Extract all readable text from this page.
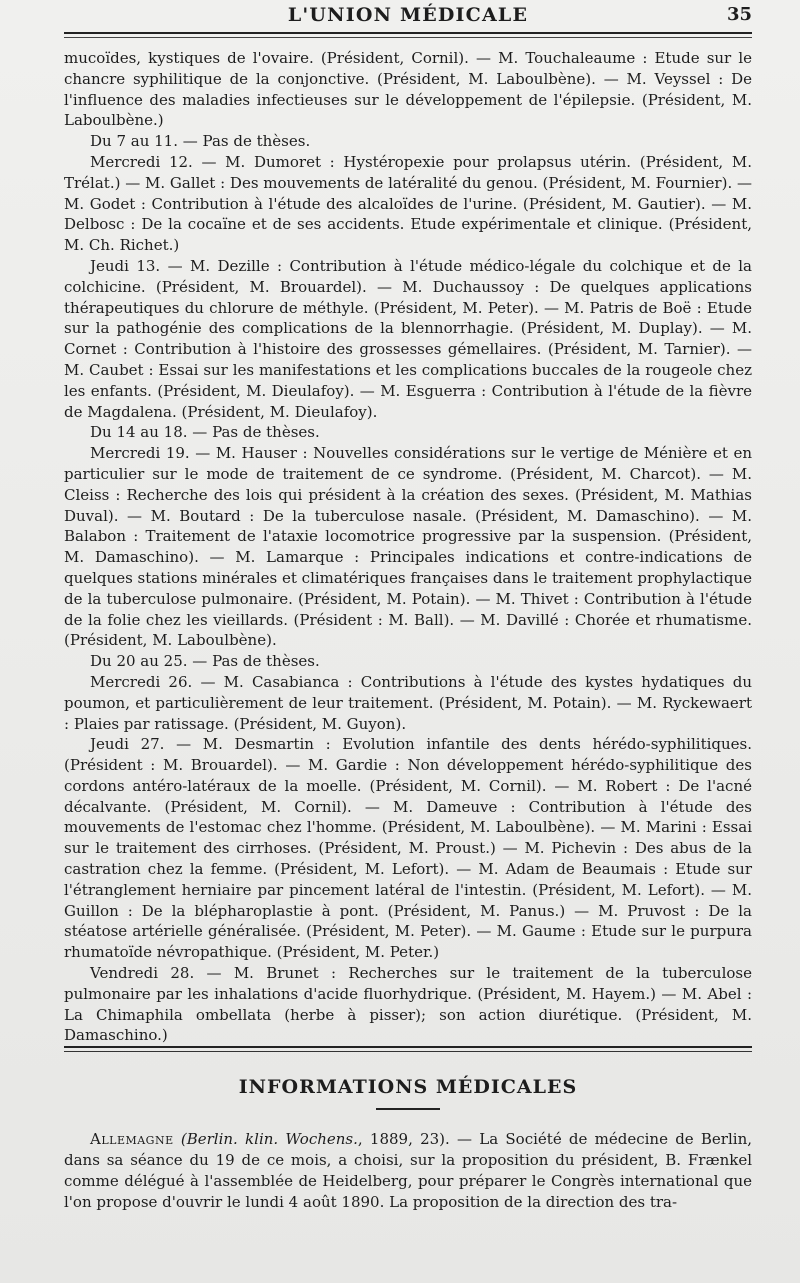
L'UNION MÉDICALE	35

mucoïdes, kystiques de l'ovaire. (Président, Cornil). — M. Touchaleaume : Etude sur le chancre syphilitique de la conjonctive. (Président, M. Laboulbène). — M. Veyssel : De l'influence des maladies infectieuses sur le développement de l'épilepsie. (Président, M. Laboulbène.)

Du 7 au 11. — Pas de thèses.

Mercredi 12. — M. Dumoret : Hystéropexie pour prolapsus utérin. (Président, M. Trélat.) — M. Gallet : Des mouvements de latéralité du genou. (Président, M. Fournier). — M. Godet : Contribution à l'étude des alcaloïdes de l'urine. (Président, M. Gautier). — M. Delbosc : De la cocaïne et de ses accidents. Etude expérimentale et clinique. (Président, M. Ch. Richet.)

Jeudi 13. — M. Dezille : Contribution à l'étude médico-légale du colchique et de la colchicine. (Président, M. Brouardel). — M. Duchaussoy : De quelques applications thérapeutiques du chlorure de méthyle. (Président, M. Peter). — M. Patris de Boë : Etude sur la pathogénie des complications de la blennorrhagie. (Président, M. Duplay). — M. Cornet : Contribution à l'histoire des grossesses gémellaires. (Président, M. Tarnier). — M. Caubet : Essai sur les manifestations et les complications buccales de la rougeole chez les enfants. (Président, M. Dieulafoy). — M. Esguerra : Contribution à l'étude de la fièvre de Magdalena. (Président, M. Dieulafoy).

Du 14 au 18. — Pas de thèses.

Mercredi 19. — M. Hauser : Nouvelles considérations sur le vertige de Ménière et en particulier sur le mode de traitement de ce syndrome. (Président, M. Charcot). — M. Cleiss : Recherche des lois qui président à la création des sexes. (Président, M. Mathias Duval). — M. Boutard : De la tuberculose nasale. (Président, M. Damaschino). — M. Balabon : Traitement de l'ataxie locomotrice progressive par la suspension. (Président, M. Damaschino). — M. Lamarque : Principales indications et contre-indications de quelques stations minérales et climatériques françaises dans le traitement prophylactique de la tuberculose pulmonaire. (Président, M. Potain). — M. Thivet : Contribution à l'étude de la folie chez les vieillards. (Président : M. Ball). — M. Davillé : Chorée et rhumatisme. (Président, M. Laboulbène).

Du 20 au 25. — Pas de thèses.

Mercredi 26. — M. Casabianca : Contributions à l'étude des kystes hydatiques du poumon, et particulièrement de leur traitement. (Président, M. Potain). — M. Ryckewaert : Plaies par ratissage. (Président, M. Guyon).

Jeudi 27. — M. Desmartin : Evolution infantile des dents hérédo-syphilitiques. (Président : M. Brouardel). — M. Gardie : Non développement hérédo-syphilitique des cordons antéro-latéraux de la moelle. (Président, M. Cornil). — M. Robert : De l'acné décalvante. (Président, M. Cornil). — M. Dameuve : Contribution à l'étude des mouvements de l'estomac chez l'homme. (Président, M. Laboulbène). — M. Marini : Essai sur le traitement des cirrhoses. (Président, M. Proust.) — M. Pichevin : Des abus de la castration chez la femme. (Président, M. Lefort). — M. Adam de Beaumais : Etude sur l'étranglement herniaire par pincement latéral de l'intestin. (Président, M. Lefort). — M. Guillon : De la blépharoplastie à pont. (Président, M. Panus.) — M. Pruvost : De la stéatose artérielle généralisée. (Président, M. Peter). — M. Gaume : Etude sur le purpura rhumatoïde névropathique. (Président, M. Peter.)

Vendredi 28. — M. Brunet : Recherches sur le traitement de la tuberculose pulmonaire par les inhalations d'acide fluorhydrique. (Président, M. Hayem.) — M. Abel : La Chimaphila ombellata (herbe à pisser); son action diurétique. (Président, M. Damaschino.)

INFORMATIONS MÉDICALES

Allemagne (Berlin. klin. Wochens., 1889, 23). — La Société de médecine de Berlin, dans sa séance du 19 de ce mois, a choisi, sur la proposition du président, B. Frænkel comme délégué à l'assemblée de Heidelberg, pour préparer le Congrès international que l'on propose d'ouvrir le lundi 4 août 1890. La proposition de la direction des tra-
